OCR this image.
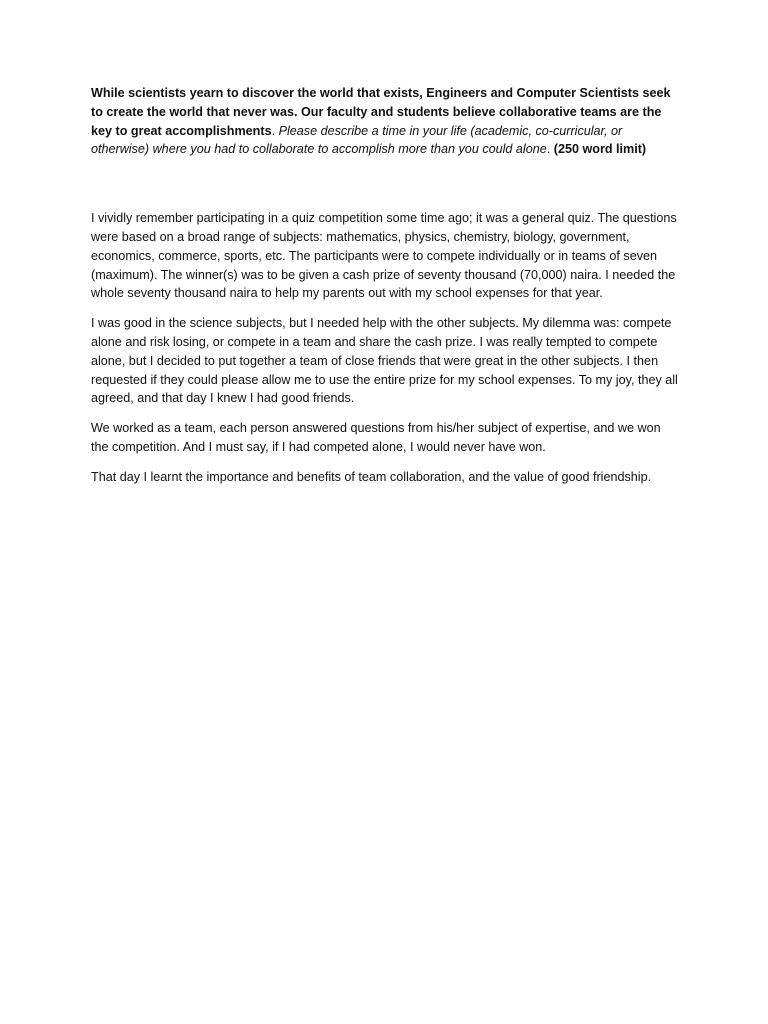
While scientists yearn to discover the world that exists, Engineers and Computer Scientists seek to create the world that never was. Our faculty and students believe collaborative teams are the key to great accomplishments. Please describe a time in your life (academic, co-curricular, or otherwise) where you had to collaborate to accomplish more than you could alone. (250 word limit)

I vividly remember participating in a quiz competition some time ago; it was a general quiz. The questions were based on a broad range of subjects: mathematics, physics, chemistry, biology, government, economics, commerce, sports, etc. The participants were to compete individually or in teams of seven (maximum). The winner(s) was to be given a cash prize of seventy thousand (70,000) naira. I needed the whole seventy thousand naira to help my parents out with my school expenses for that year.

I was good in the science subjects, but I needed help with the other subjects. My dilemma was: compete alone and risk losing, or compete in a team and share the cash prize. I was really tempted to compete alone, but I decided to put together a team of close friends that were great in the other subjects. I then requested if they could please allow me to use the entire prize for my school expenses. To my joy, they all agreed, and that day I knew I had good friends.

We worked as a team, each person answered questions from his/her subject of expertise, and we won the competition. And I must say, if I had competed alone, I would never have won.

That day I learnt the importance and benefits of team collaboration, and the value of good friendship.
